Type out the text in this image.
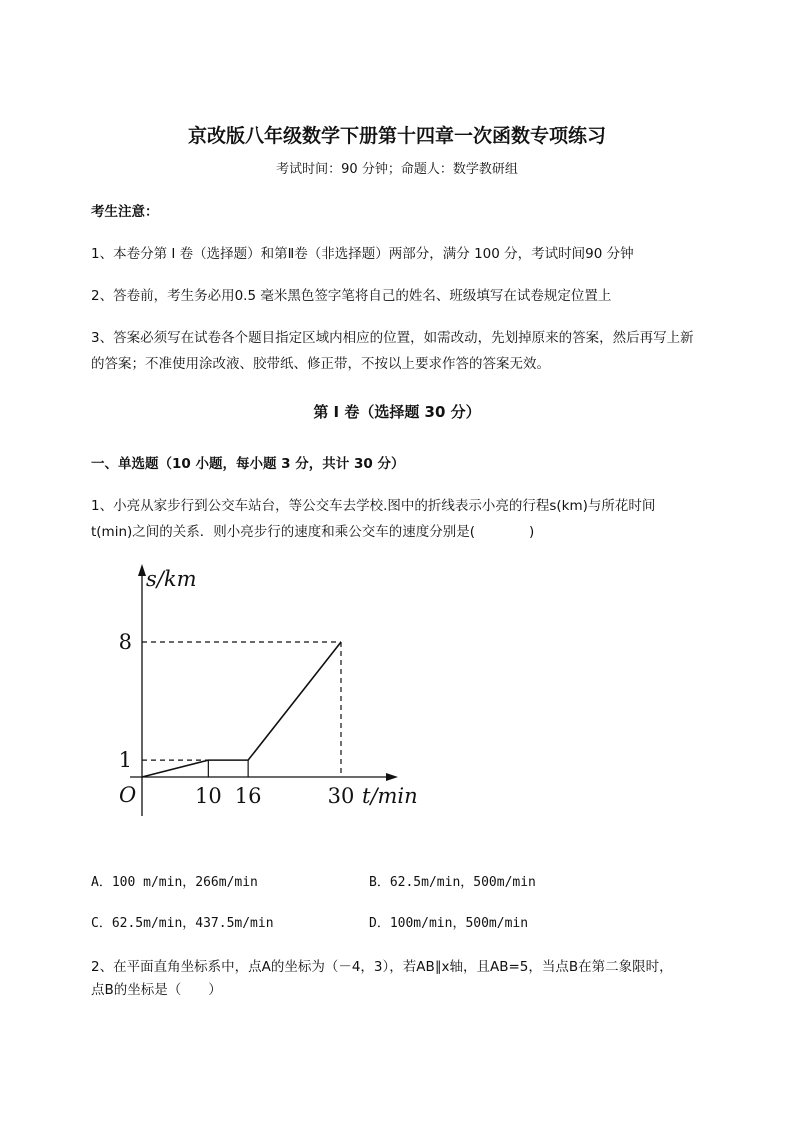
京改版八年级数学下册第十四章一次函数专项练习
考试时间：90 分钟；命题人：数学教研组
考生注意：
1、本卷分第 I 卷（选择题）和第Ⅱ卷（非选择题）两部分，满分 100 分，考试时间90 分钟
2、答卷前，考生务必用0.5 毫米黑色签字笔将自己的姓名、班级填写在试卷规定位置上
3、答案必须写在试卷各个题目指定区域内相应的位置，如需改动，先划掉原来的答案，然后再写上新
的答案；不准使用涂改液、胶带纸、修正带，不按以上要求作答的答案无效。
第 I 卷（选择题 30 分）
一、单选题（10 小题，每小题 3 分，共计 30 分）
1、小亮从家步行到公交车站台，等公交车去学校.图中的折线表示小亮的行程s(km)与所花时间
t(min)之间的关系．则小亮步行的速度和乘公交车的速度分别是(　　　　)
s/km
t/min
O
8
1
10 16	30
A．100 m/min，266m/min	B．62.5m/min，500m/min
C．62.5m/min，437.5m/min	D．100m/min，500m/min
2、在平面直角坐标系中，点A的坐标为（－4，3），若AB∥x轴，且AB=5，当点B在第二象限时，
点B的坐标是（　　）
